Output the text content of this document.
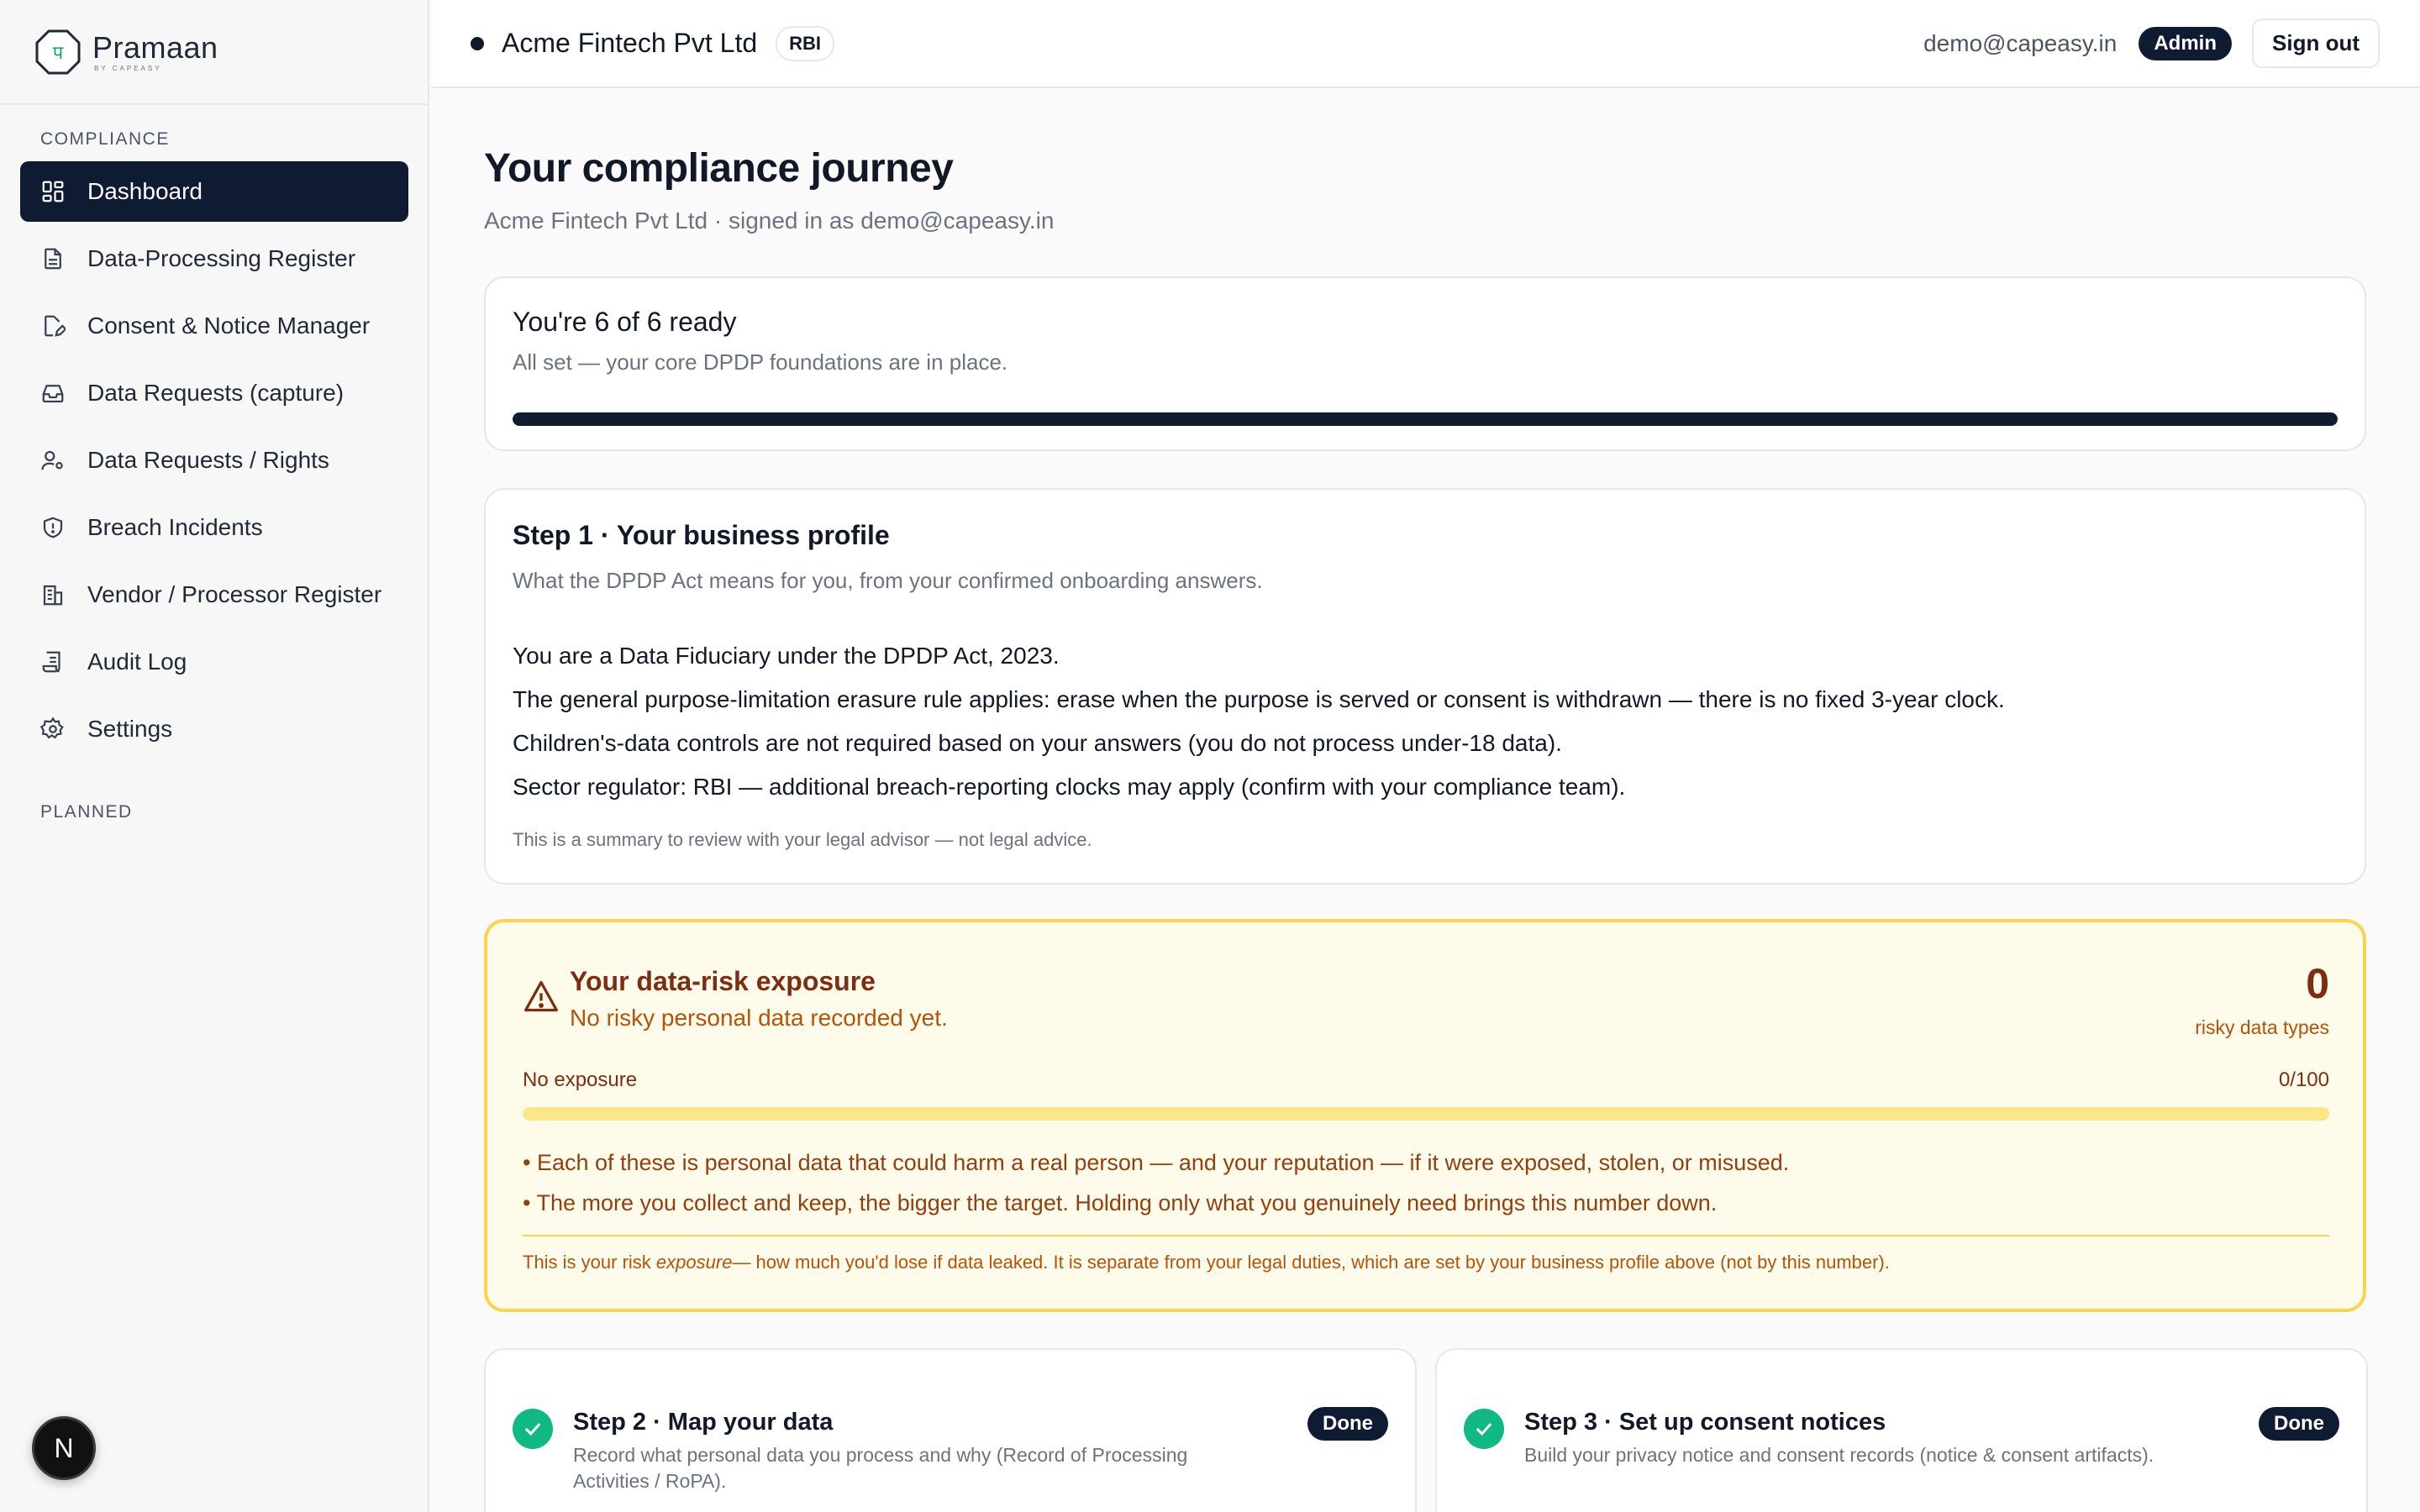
प Pramaan
BY CAPEASY
COMPLIANCE
Dashboard
Data-Processing Register
Consent & Notice Manager
Data Requests (capture)
Data Requests / Rights
Breach Incidents
Vendor / Processor Register
Audit Log
Settings
PLANNED
N
Acme Fintech Pvt Ltd	RBI	demo@capeasy.in	Admin	Sign out
Your compliance journey
Acme Fintech Pvt Ltd · signed in as demo@capeasy.in
You're 6 of 6 ready
All set — your core DPDP foundations are in place.
Step 1 · Your business profile
What the DPDP Act means for you, from your confirmed onboarding answers.
You are a Data Fiduciary under the DPDP Act, 2023.
The general purpose-limitation erasure rule applies: erase when the purpose is served or consent is withdrawn — there is no fixed 3-year clock.
Children's-data controls are not required based on your answers (you do not process under-18 data).
Sector regulator: RBI — additional breach-reporting clocks may apply (confirm with your compliance team).
This is a summary to review with your legal advisor — not legal advice.
Your data-risk exposure
No risky personal data recorded yet.
0
risky data types
No exposure	0/100
• Each of these is personal data that could harm a real person — and your reputation — if it were exposed, stolen, or misused.
• The more you collect and keep, the bigger the target. Holding only what you genuinely need brings this number down.
This is your risk exposure— how much you'd lose if data leaked. It is separate from your legal duties, which are set by your business profile above (not by this number).
Step 2 · Map your data
Record what personal data you process and why (Record of Processing Activities / RoPA).
Done	Step 3 · Set up consent notices
Build your privacy notice and consent records (notice & consent artifacts).
Done
